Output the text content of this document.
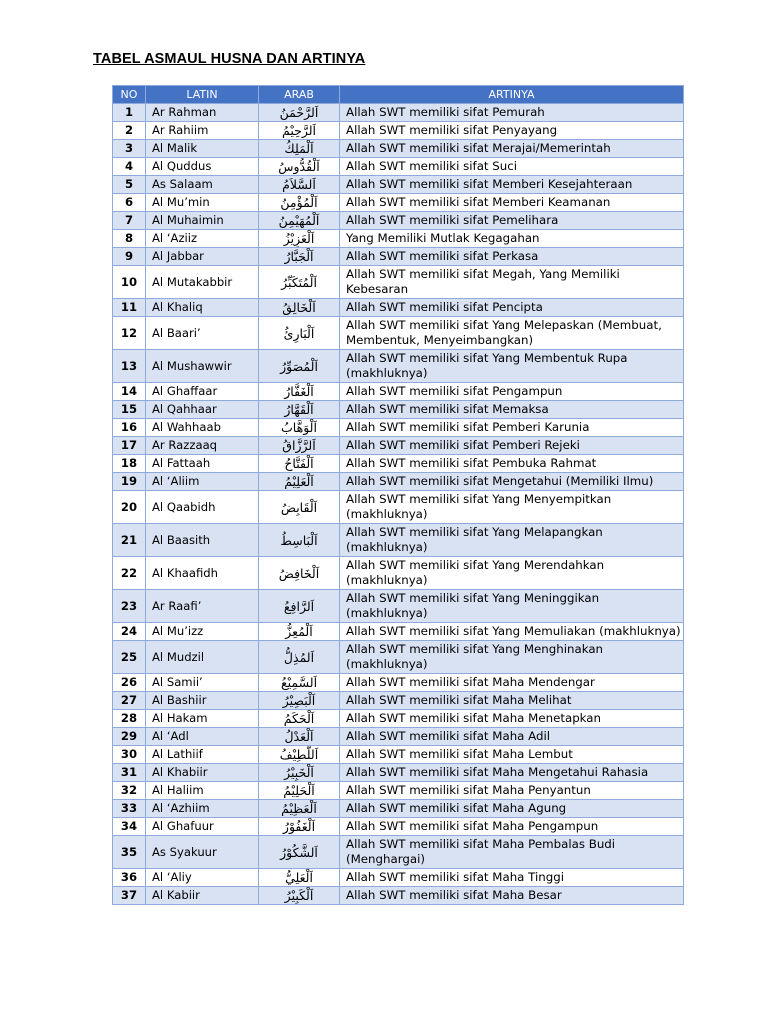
TABEL ASMAUL HUSNA DAN ARTINYA
NO	LATIN	ARAB	ARTINYA
1	Ar Rahman	اَلرَّحْمَنُ	Allah SWT memiliki sifat Pemurah
2	Ar Rahiim	اَلرَّحِيْمُ	Allah SWT memiliki sifat Penyayang
3	Al Malik	اَلْمَلِكُ	Allah SWT memiliki sifat Merajai/Memerintah
4	Al Quddus	اَلْقُدُّوسُ	Allah SWT memiliki sifat Suci
5	As Salaam	اَلسَّلاَمُ	Allah SWT memiliki sifat Memberi Kesejahteraan
6	Al Mu’min	اَلْمُؤْمِنُ	Allah SWT memiliki sifat Memberi Keamanan
7	Al Muhaimin	اَلْمُهَيْمِنُ	Allah SWT memiliki sifat Pemelihara
8	Al ‘Aziiz	اَلْعَزِيْزُ	Yang Memiliki Mutlak Kegagahan
9	Al Jabbar	اَلْجَبَّارُ	Allah SWT memiliki sifat Perkasa
10	Al Mutakabbir	اَلْمُتَكَبِّرُ	Allah SWT memiliki sifat Megah, Yang Memiliki Kebesaran
11	Al Khaliq	اَلْخَالِقُ	Allah SWT memiliki sifat Pencipta
12	Al Baari’	اَلْبَارِئُ	Allah SWT memiliki sifat Yang Melepaskan (Membuat, Membentuk, Menyeimbangkan)
13	Al Mushawwir	اَلْمُصَوِّرُ	Allah SWT memiliki sifat Yang Membentuk Rupa (makhluknya)
14	Al Ghaffaar	اَلْغَفَّارُ	Allah SWT memiliki sifat Pengampun
15	Al Qahhaar	اَلْقَهَّارُ	Allah SWT memiliki sifat Memaksa
16	Al Wahhaab	اَلْوَهَّابُ	Allah SWT memiliki sifat Pemberi Karunia
17	Ar Razzaaq	اَلرَّزَّاقُ	Allah SWT memiliki sifat Pemberi Rejeki
18	Al Fattaah	اَلْفَتَّاحُ	Allah SWT memiliki sifat Pembuka Rahmat
19	Al ‘Aliim	اَلْعَلِيْمُ	Allah SWT memiliki sifat Mengetahui (Memiliki Ilmu)
20	Al Qaabidh	اَلْقَابِضُ	Allah SWT memiliki sifat Yang Menyempitkan (makhluknya)
21	Al Baasith	اَلْبَاسِطُ	Allah SWT memiliki sifat Yang Melapangkan (makhluknya)
22	Al Khaafidh	اَلْخَافِضُ	Allah SWT memiliki sifat Yang Merendahkan (makhluknya)
23	Ar Raafi’	اَلرَّافِعُ	Allah SWT memiliki sifat Yang Meninggikan (makhluknya)
24	Al Mu’izz	اَلْمُعِزُّ	Allah SWT memiliki sifat Yang Memuliakan (makhluknya)
25	Al Mudzil	اَلمُذِلُّ	Allah SWT memiliki sifat Yang Menghinakan (makhluknya)
26	Al Samii’	اَلسَّمِيْعُ	Allah SWT memiliki sifat Maha Mendengar
27	Al Bashiir	اَلْبَصِيْرُ	Allah SWT memiliki sifat Maha Melihat
28	Al Hakam	اَلْحَكَمُ	Allah SWT memiliki sifat Maha Menetapkan
29	Al ‘Adl	اَلْعَدْلُ	Allah SWT memiliki sifat Maha Adil
30	Al Lathiif	اَللَّطِيْفُ	Allah SWT memiliki sifat Maha Lembut
31	Al Khabiir	اَلْخَبِيْرُ	Allah SWT memiliki sifat Maha Mengetahui Rahasia
32	Al Haliim	اَلْحَلِيْمُ	Allah SWT memiliki sifat Maha Penyantun
33	Al ‘Azhiim	اَلْعَظِيْمُ	Allah SWT memiliki sifat Maha Agung
34	Al Ghafuur	اَلْغَفُوْرُ	Allah SWT memiliki sifat Maha Pengampun
35	As Syakuur	اَلشَّكُوْرُ	Allah SWT memiliki sifat Maha Pembalas Budi (Menghargai)
36	Al ‘Aliy	اَلْعَلِيُّ	Allah SWT memiliki sifat Maha Tinggi
37	Al Kabiir	اَلْكَبِيْرُ	Allah SWT memiliki sifat Maha Besar
